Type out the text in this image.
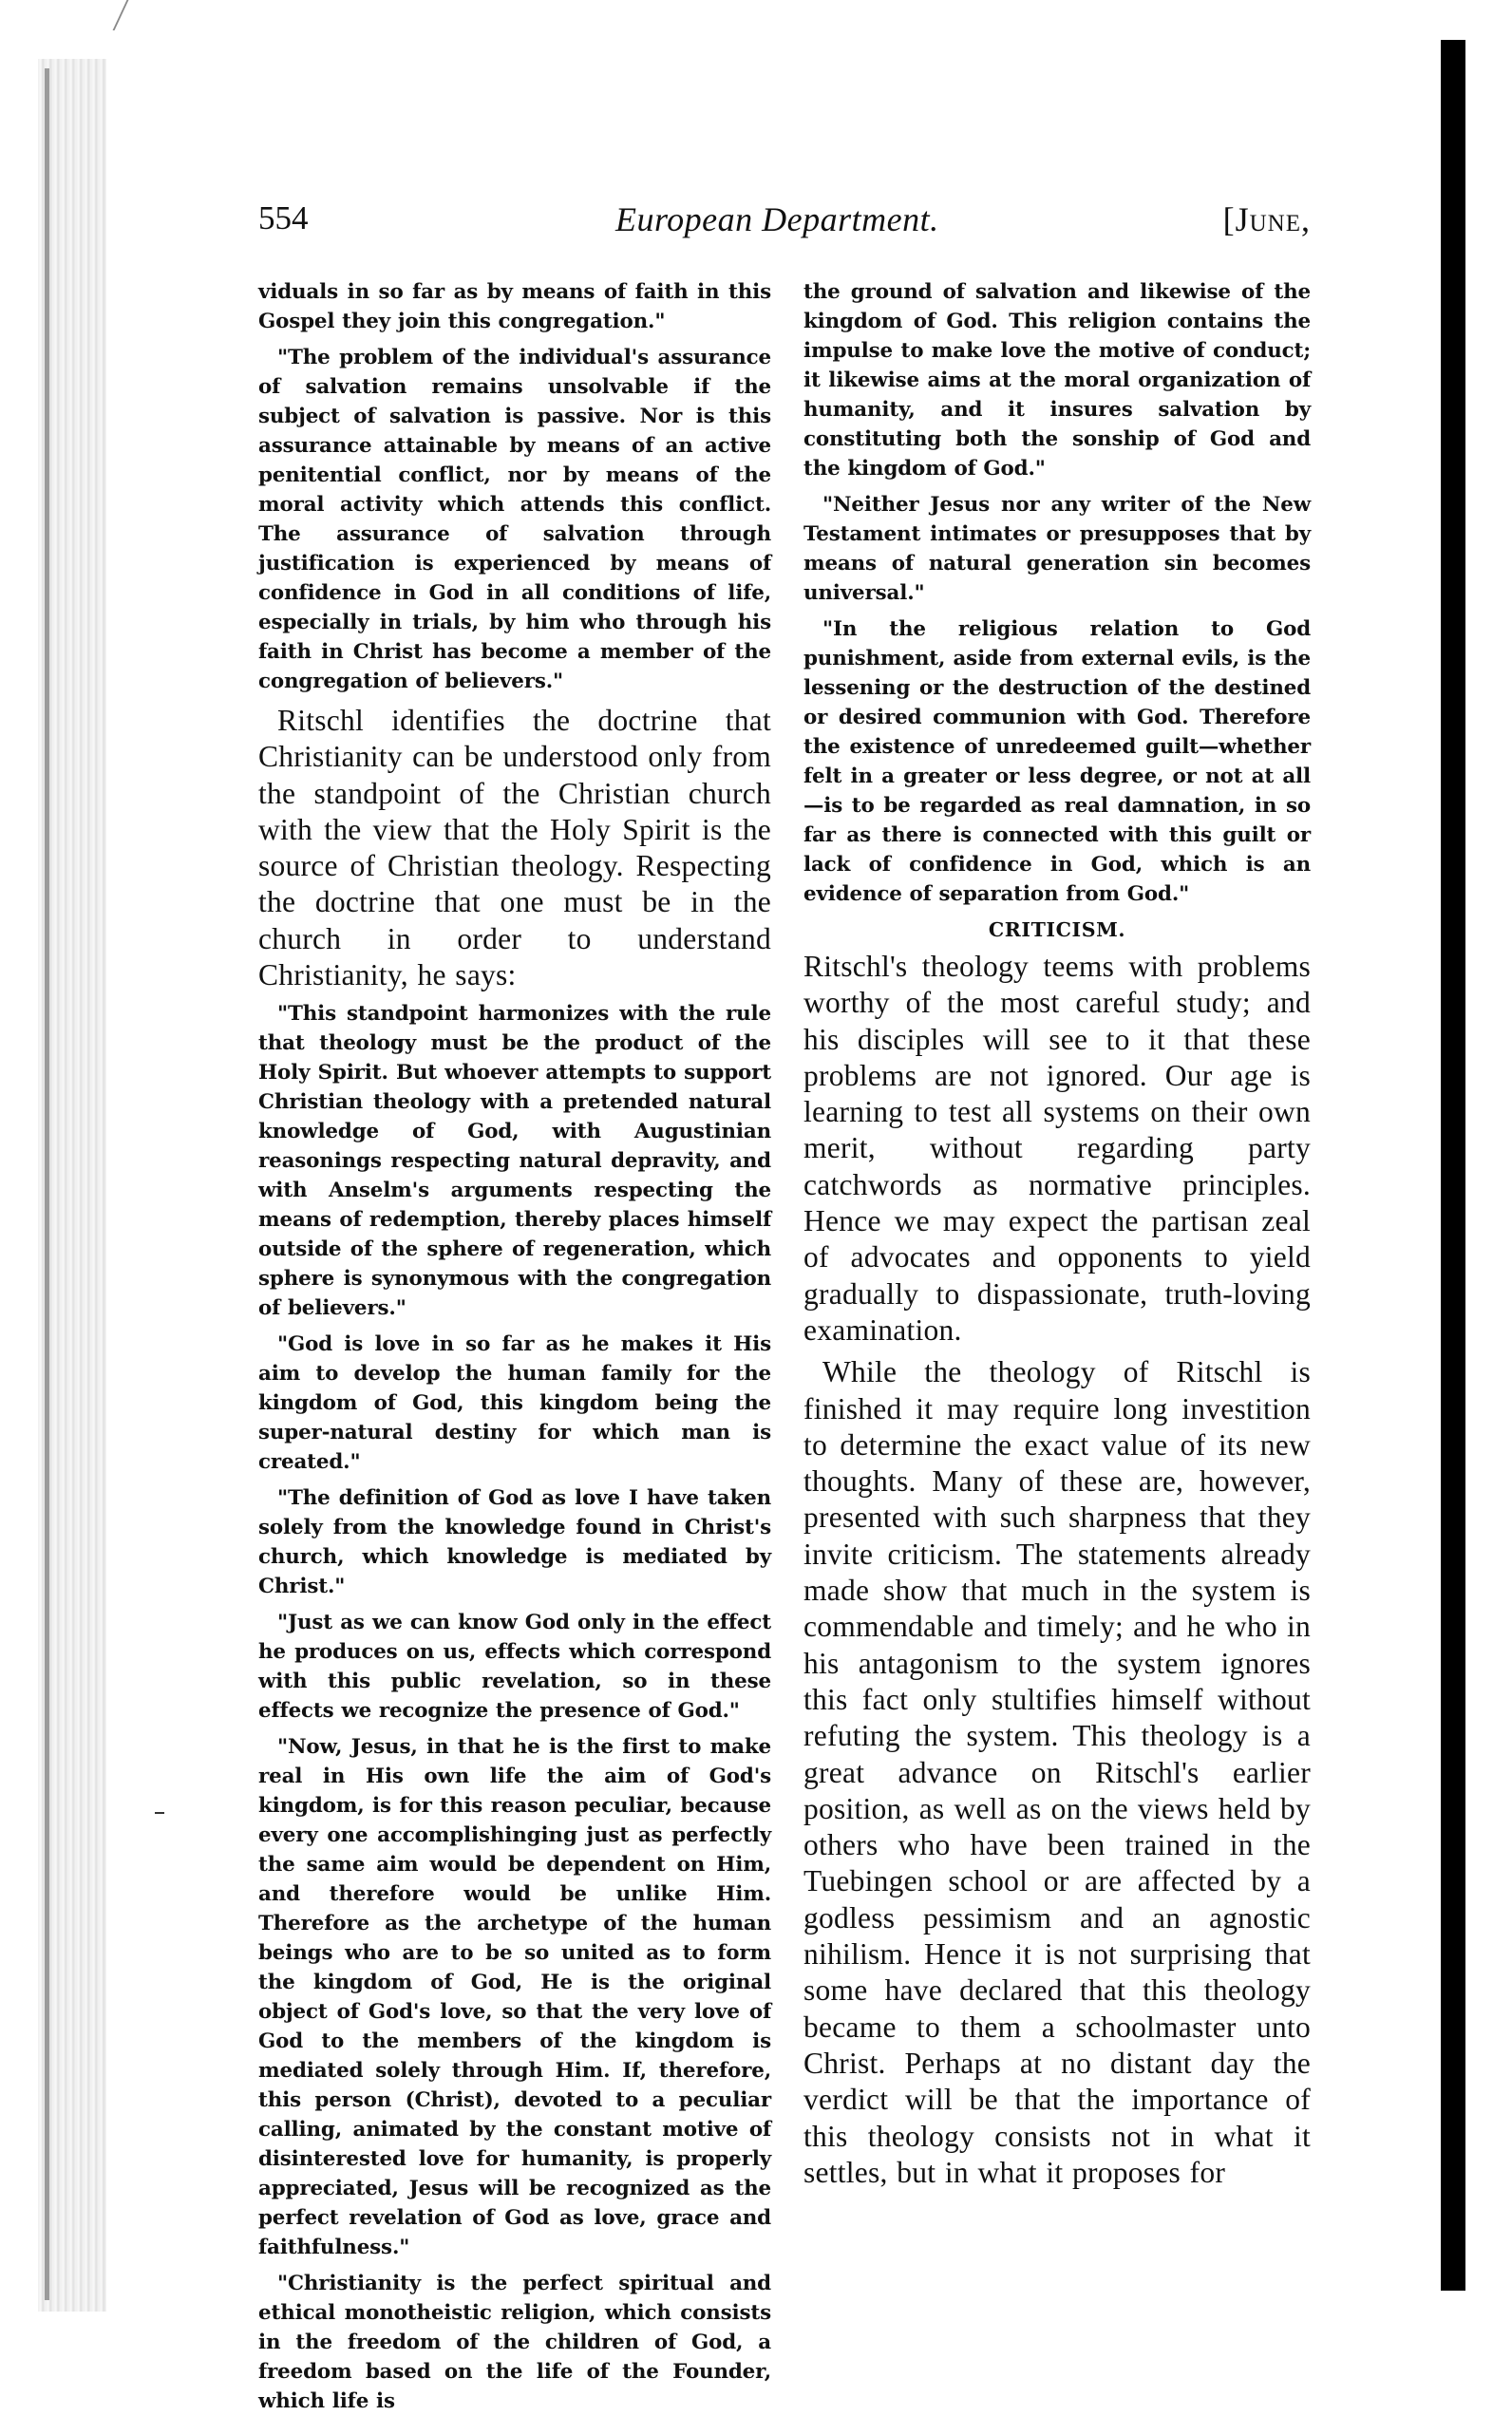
554	European Department.	[June,

viduals in so far as by means of faith in this Gospel they join this congregation."

"The problem of the individual's assurance of salvation remains unsolvable if the subject of salvation is passive. Nor is this assurance attainable by means of an active penitential conflict, nor by means of the moral activity which attends this conflict. The assurance of salvation through justification is experienced by means of confidence in God in all conditions of life, especially in trials, by him who through his faith in Christ has become a member of the congregation of believers."

Ritschl identifies the doctrine that Christianity can be understood only from the standpoint of the Christian church with the view that the Holy Spirit is the source of Christian theology. Respecting the doctrine that one must be in the church in order to understand Christianity, he says:

"This standpoint harmonizes with the rule that theology must be the product of the Holy Spirit. But whoever attempts to support Christian theology with a pretended natural knowledge of God, with Augustinian reasonings respecting natural depravity, and with Anselm's arguments respecting the means of redemption, thereby places himself outside of the sphere of regeneration, which sphere is synonymous with the congregation of believers."

"God is love in so far as he makes it His aim to develop the human family for the kingdom of God, this kingdom being the super-natural destiny for which man is created."

"The definition of God as love I have taken solely from the knowledge found in Christ's church, which knowledge is mediated by Christ."

"Just as we can know God only in the effect he produces on us, effects which correspond with this public revelation, so in these effects we recognize the presence of God."

"Now, Jesus, in that he is the first to make real in His own life the aim of God's kingdom, is for this reason peculiar, because every one accomplishinging just as perfectly the same aim would be dependent on Him, and therefore would be unlike Him. Therefore as the archetype of the human beings who are to be so united as to form the kingdom of God, He is the original object of God's love, so that the very love of God to the members of the kingdom is mediated solely through Him. If, therefore, this person (Christ), devoted to a peculiar calling, animated by the constant motive of disinterested love for humanity, is properly appreciated, Jesus will be recognized as the perfect revelation of God as love, grace and faithfulness."

"Christianity is the perfect spiritual and ethical monotheistic religion, which consists in the freedom of the children of God, a freedom based on the life of the Founder, which life is

the ground of salvation and likewise of the kingdom of God. This religion contains the impulse to make love the motive of conduct; it likewise aims at the moral organization of humanity, and it insures salvation by constituting both the sonship of God and the kingdom of God."

"Neither Jesus nor any writer of the New Testament intimates or presupposes that by means of natural generation sin becomes universal."

"In the religious relation to God punishment, aside from external evils, is the lessening or the destruction of the destined or desired communion with God. Therefore the existence of unredeemed guilt—whether felt in a greater or less degree, or not at all—is to be regarded as real damnation, in so far as there is connected with this guilt or lack of confidence in God, which is an evidence of separation from God."

CRITICISM.

Ritschl's theology teems with problems worthy of the most careful study; and his disciples will see to it that these problems are not ignored. Our age is learning to test all systems on their own merit, without regarding party catchwords as normative principles. Hence we may expect the partisan zeal of advocates and opponents to yield gradually to dispassionate, truth-loving examination.

While the theology of Ritschl is finished it may require long investition to determine the exact value of its new thoughts. Many of these are, however, presented with such sharpness that they invite criticism. The statements already made show that much in the system is commendable and timely; and he who in his antagonism to the system ignores this fact only stultifies himself without refuting the system. This theology is a great advance on Ritschl's earlier position, as well as on the views held by others who have been trained in the Tuebingen school or are affected by a godless pessimism and an agnostic nihilism. Hence it is not surprising that some have declared that this theology became to them a schoolmaster unto Christ. Perhaps at no distant day the verdict will be that the importance of this theology consists not in what it settles, but in what it proposes for
